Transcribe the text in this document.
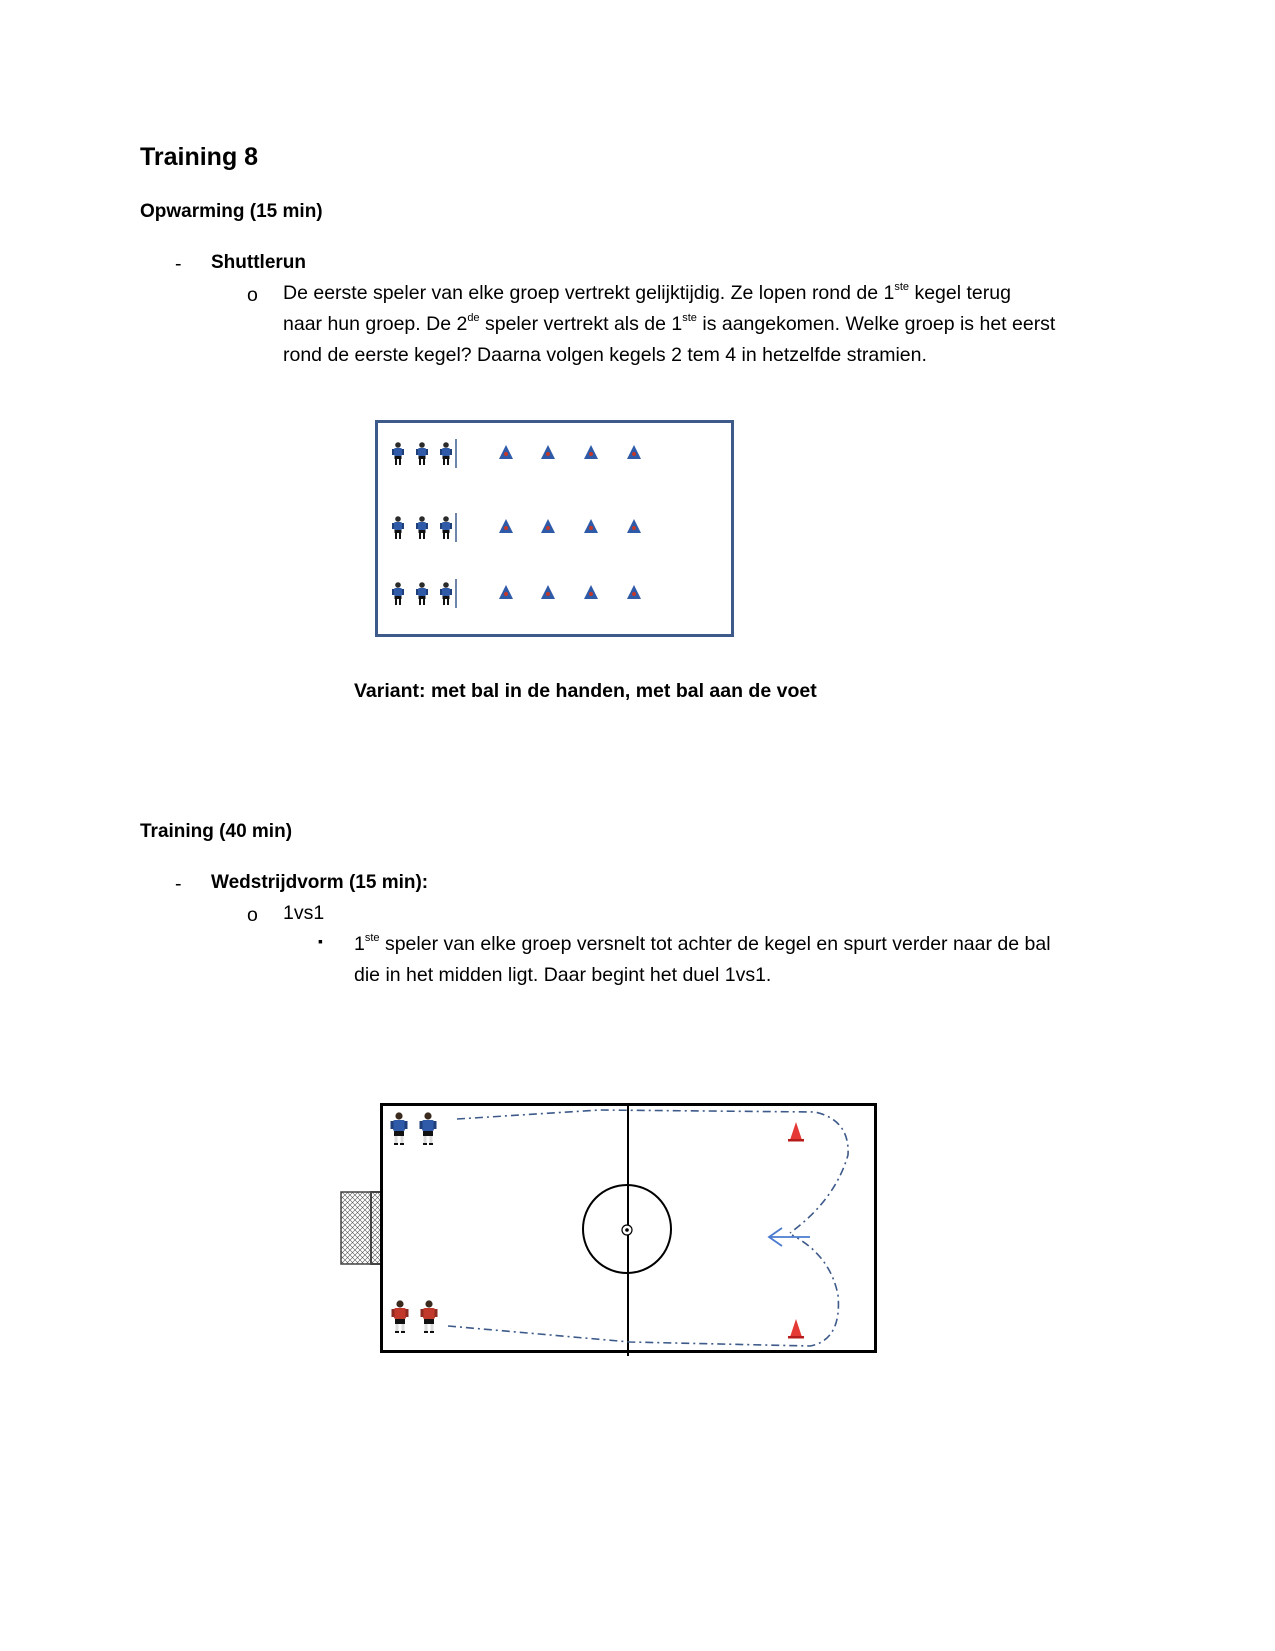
Training 8
Opwarming (15 min)
- Shuttlerun
o De eerste speler van elke groep vertrekt gelijktijdig. Ze lopen rond de 1ste kegel terug
naar hun groep. De 2de speler vertrekt als de 1ste is aangekomen. Welke groep is het eerst
rond de eerste kegel? Daarna volgen kegels 2 tem 4 in hetzelfde stramien.
Variant: met bal in de handen, met bal aan de voet
Training (40 min)
- Wedstrijdvorm (15 min):
o 1vs1
▪ 1ste speler van elke groep versnelt tot achter de kegel en spurt verder naar de bal
die in het midden ligt. Daar begint het duel 1vs1.
